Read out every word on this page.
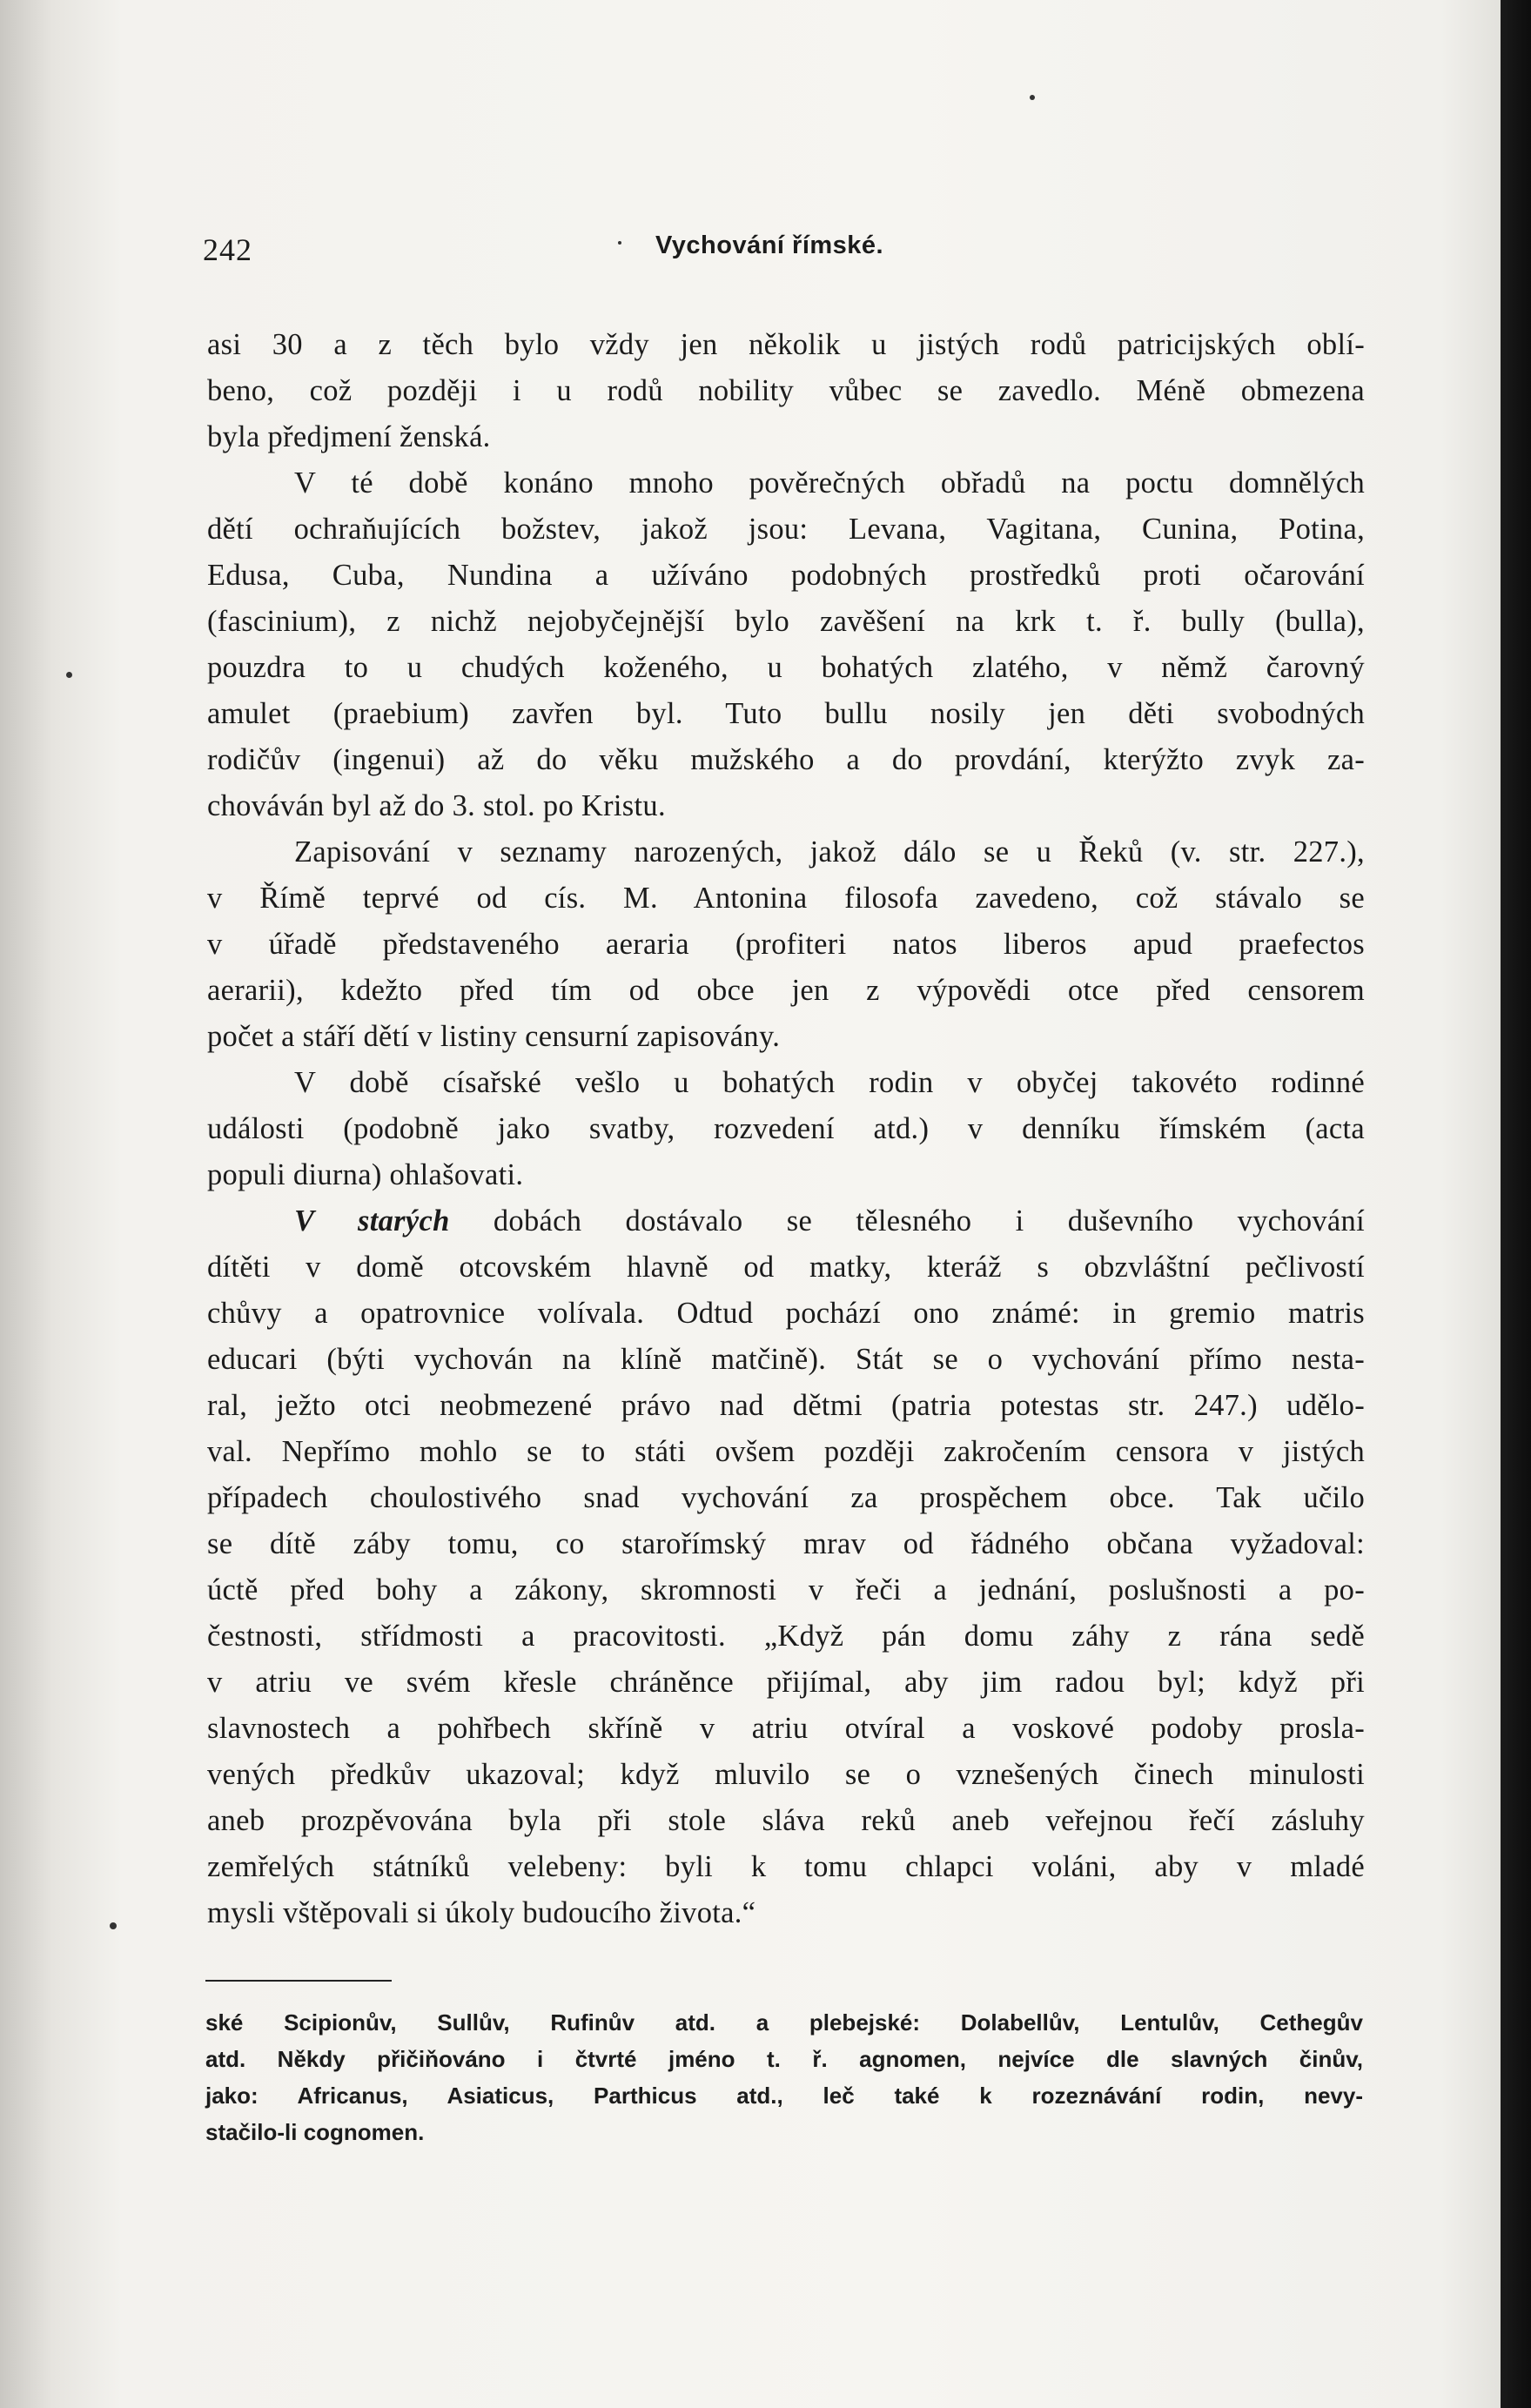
242	Vychování římské.
asi 30 a z těch bylo vždy jen několik u jistých rodů patricijských oblí-
beno, což později i u rodů nobility vůbec se zavedlo. Méně obmezena
byla předjmení ženská.
V té době konáno mnoho pověrečných obřadů na poctu domnělých
dětí ochraňujících božstev, jakož jsou: Levana, Vagitana, Cunina, Potina,
Edusa, Cuba, Nundina a užíváno podobných prostředků proti očarování
(fascinium), z nichž nejobyčejnější bylo zavěšení na krk t. ř. bully (bulla),
pouzdra to u chudých koženého, u bohatých zlatého, v němž čarovný
amulet (praebium) zavřen byl. Tuto bullu nosily jen děti svobodných
rodičův (ingenui) až do věku mužského a do provdání, kterýžto zvyk za-
chováván byl až do 3. stol. po Kristu.
Zapisování v seznamy narozených, jakož dálo se u Řeků (v. str. 227.),
v Římě teprvé od cís. M. Antonina filosofa zavedeno, což stávalo se
v úřadě představeného aeraria (profiteri natos liberos apud praefectos
aerarii), kdežto před tím od obce jen z výpovědi otce před censorem
počet a stáří dětí v listiny censurní zapisovány.
V době císařské vešlo u bohatých rodin v obyčej takovéto rodinné
události (podobně jako svatby, rozvedení atd.) v denníku římském (acta
populi diurna) ohlašovati.
V starých dobách dostávalo se tělesného i duševního vychování
dítěti v domě otcovském hlavně od matky, kteráž s obzvláštní pečlivostí
chůvy a opatrovnice volívala. Odtud pochází ono známé: in gremio matris
educari (býti vychován na klíně matčině). Stát se o vychování přímo nesta-
ral, ježto otci neobmezené právo nad dětmi (patria potestas str. 247.) udělo-
val. Nepřímo mohlo se to státi ovšem později zakročením censora v jistých
případech choulostivého snad vychování za prospěchem obce. Tak učilo
se dítě záby tomu, co starořímský mrav od řádného občana vyžadoval:
úctě před bohy a zákony, skromnosti v řeči a jednání, poslušnosti a po-
čestnosti, střídmosti a pracovitosti. „Když pán domu záhy z rána sedě
v atriu ve svém křesle chráněnce přijímal, aby jim radou byl; když při
slavnostech a pohřbech skříně v atriu otvíral a voskové podoby prosla-
vených předkův ukazoval; když mluvilo se o vznešených činech minulosti
aneb prozpěvována byla při stole sláva reků aneb veřejnou řečí zásluhy
zemřelých státníků velebeny: byli k tomu chlapci voláni, aby v mladé
mysli vštěpovali si úkoly budoucího života.“
ské Scipionův, Sullův, Rufinův atd. a plebejské: Dolabellův, Lentulův, Cethegův
atd. Někdy přičiňováno i čtvrté jméno t. ř. agnomen, nejvíce dle slavných činův,
jako: Africanus, Asiaticus, Parthicus atd., leč také k rozeznávání rodin, nevy-
stačilo-li cognomen.
